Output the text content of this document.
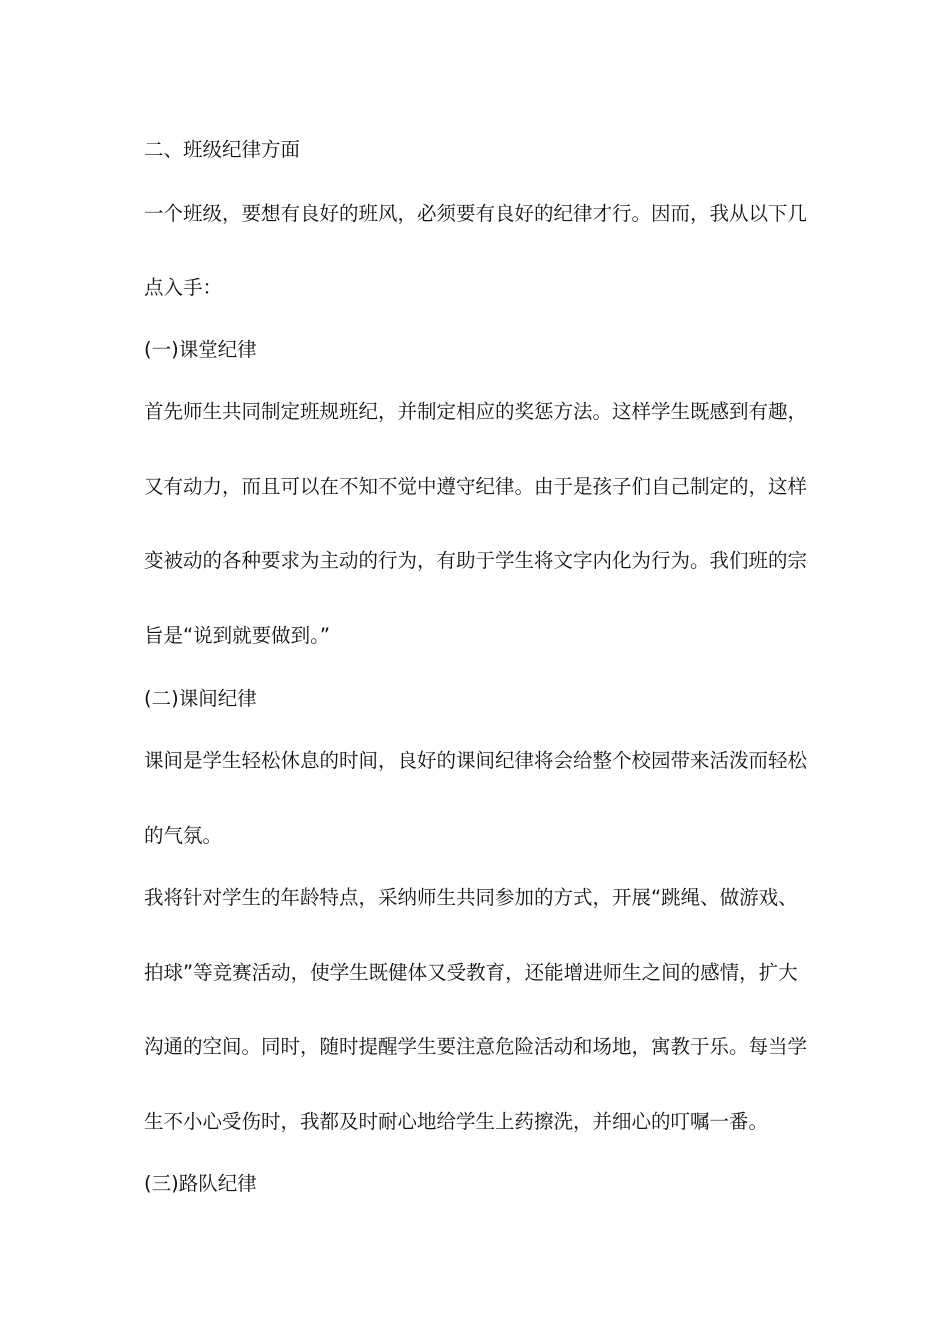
二、班级纪律方面
一个班级，要想有良好的班风，必须要有良好的纪律才行。因而，我从以下几
点入手：
(一)课堂纪律
首先师生共同制定班规班纪，并制定相应的奖惩方法。这样学生既感到有趣，
又有动力，而且可以在不知不觉中遵守纪律。由于是孩子们自己制定的，这样
变被动的各种要求为主动的行为，有助于学生将文字内化为行为。我们班的宗
旨是“说到就要做到。”
(二)课间纪律
课间是学生轻松休息的时间，良好的课间纪律将会给整个校园带来活泼而轻松
的气氛。
我将针对学生的年龄特点，采纳师生共同参加的方式，开展“跳绳、做游戏、
拍球”等竞赛活动，使学生既健体又受教育，还能增进师生之间的感情，扩大
沟通的空间。同时，随时提醒学生要注意危险活动和场地，寓教于乐。每当学
生不小心受伤时，我都及时耐心地给学生上药擦洗，并细心的叮嘱一番。
(三)路队纪律
